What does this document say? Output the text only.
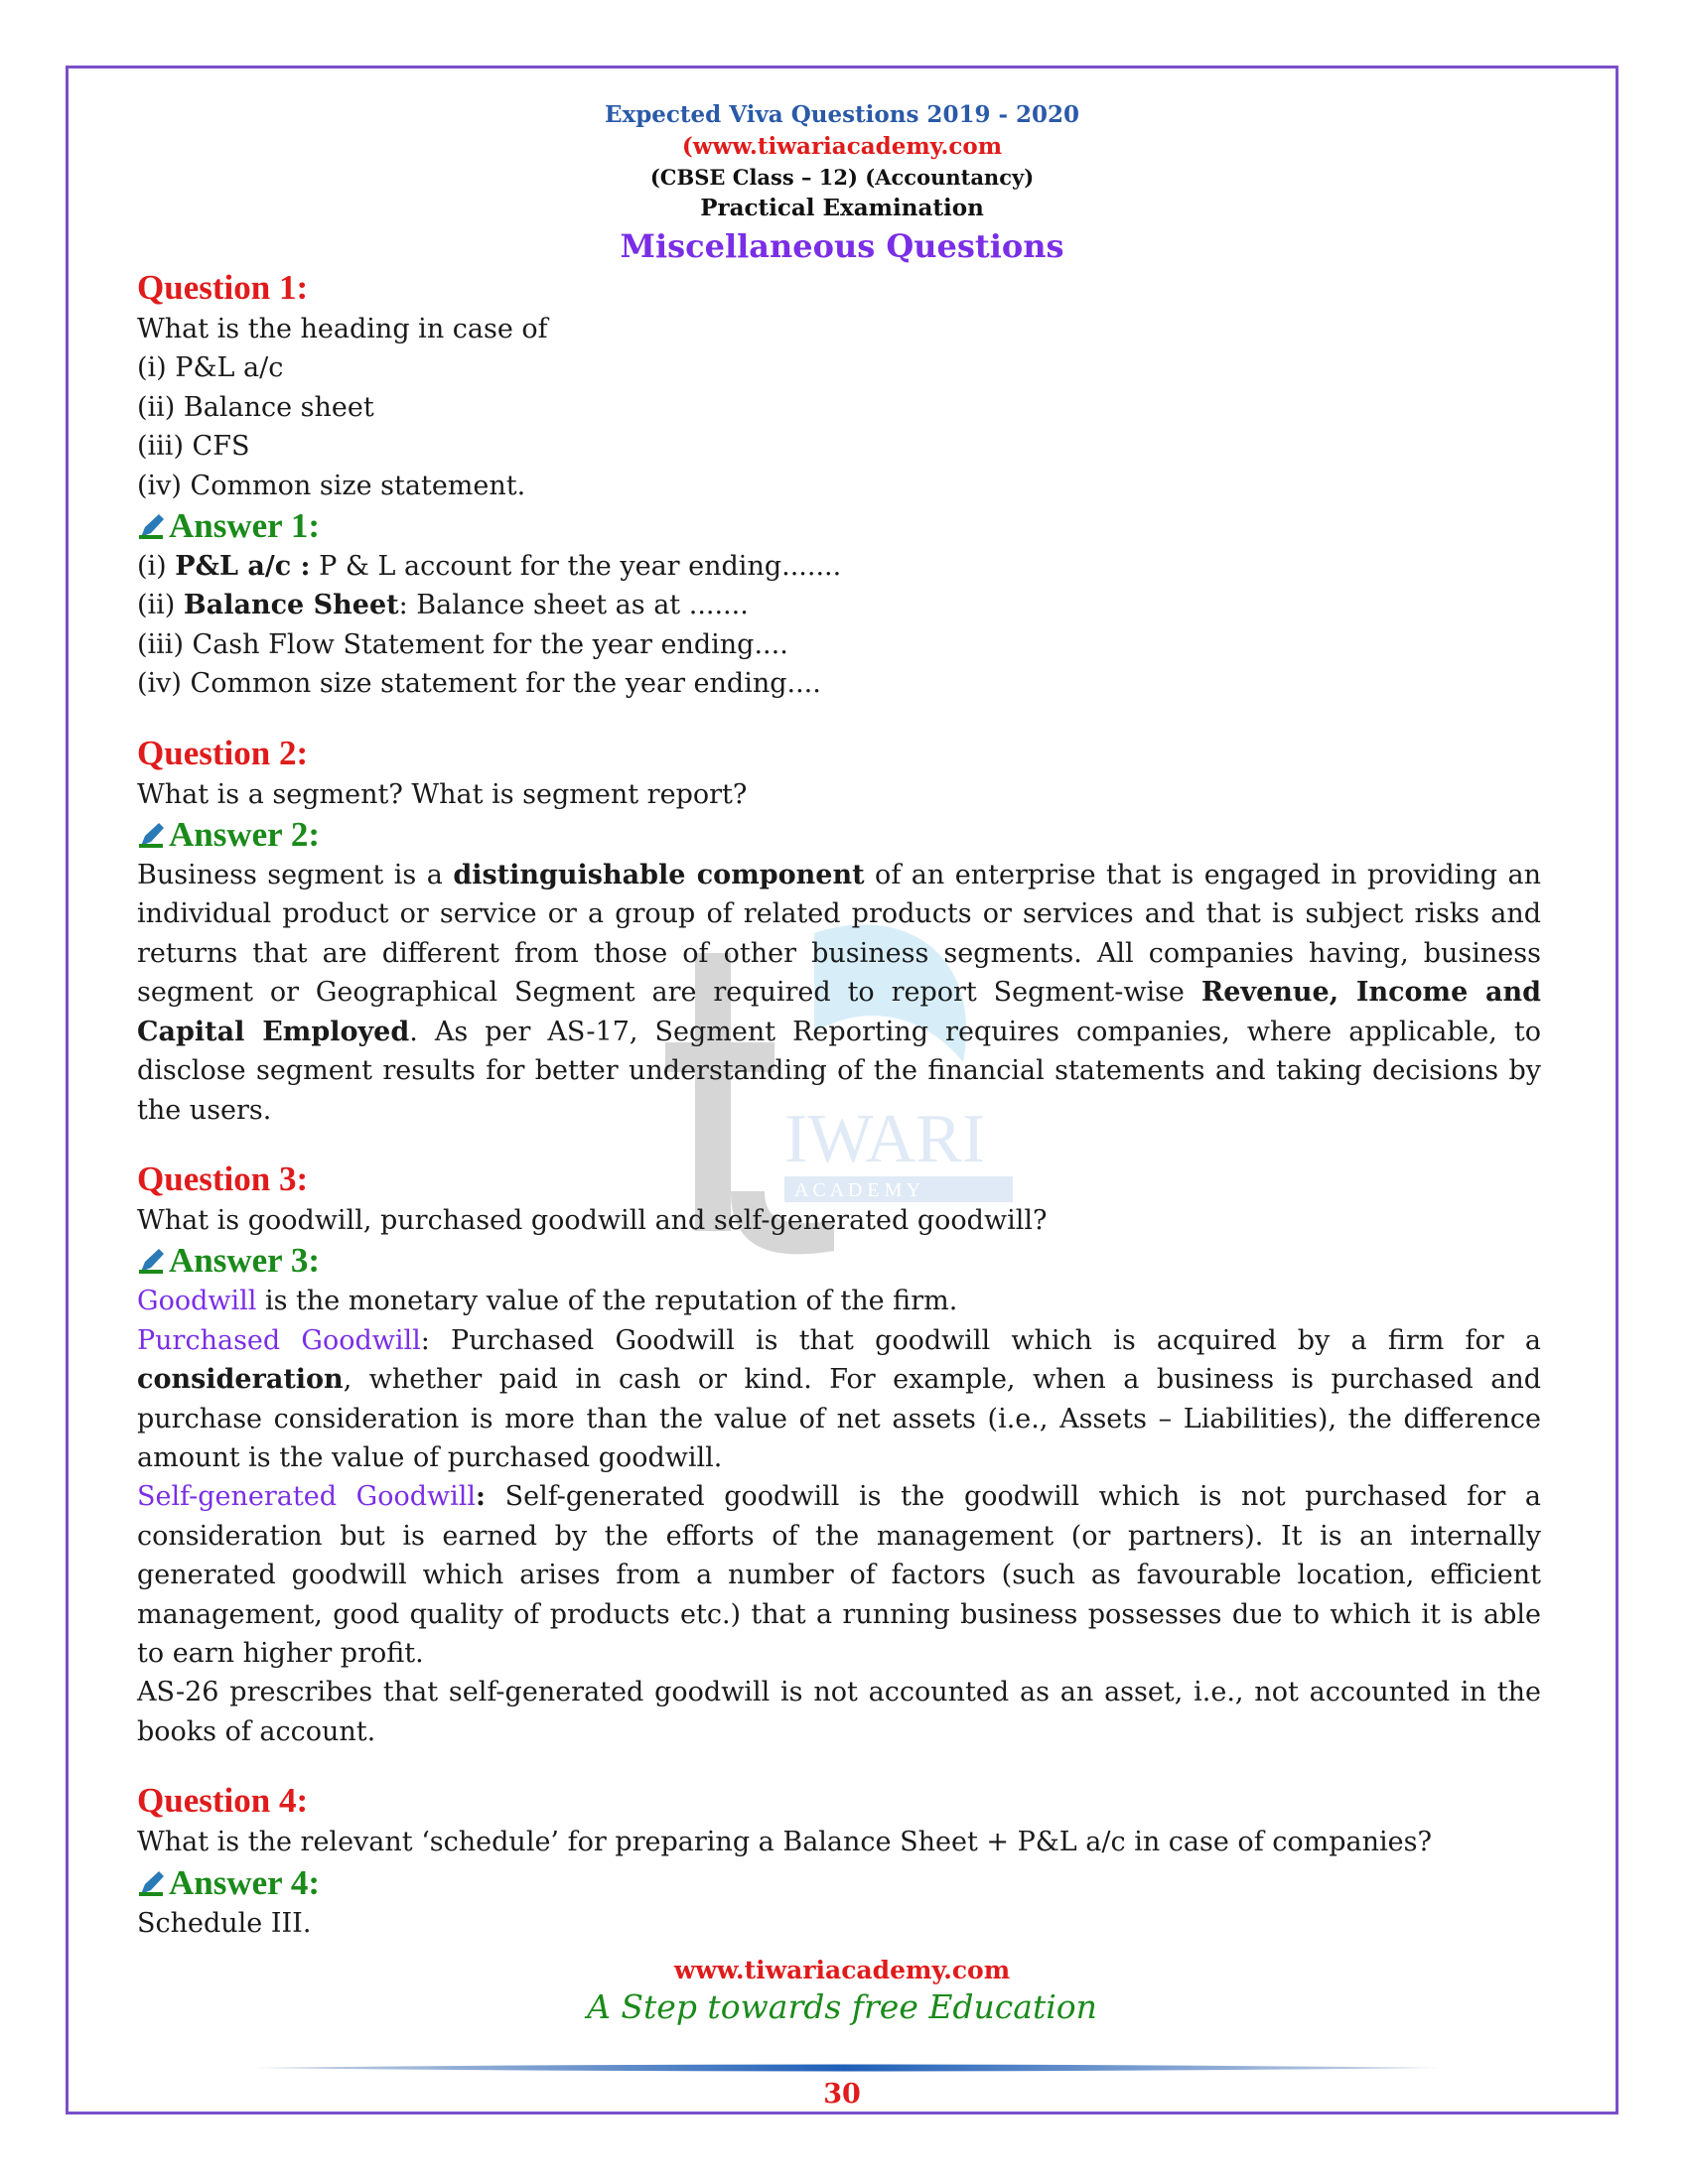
IWARI
A C A D E M Y
Expected Viva Questions 2019 - 2020
(www.tiwariacademy.com
(CBSE Class – 12) (Accountancy)
Practical Examination
Miscellaneous Questions
Question 1:

What is the heading in case of

(i) P&L a/c

(ii) Balance sheet

(iii) CFS

(iv) Common size statement.

Answer 1:

(i) P&L a/c : P & L account for the year ending.......

(ii) Balance Sheet: Balance sheet as at .......

(iii) Cash Flow Statement for the year ending....

(iv) Common size statement for the year ending....

Question 2:

What is a segment? What is segment report?

Answer 2:

Business segment is a distinguishable component of an enterprise that is engaged in providing an individual product or service or a group of related products or services and that is subject risks and returns that are different from those of other business segments. All companies having, business segment or Geographical Segment are required to report Segment-wise Revenue, Income and Capital Employed. As per AS-17, Segment Reporting requires companies, where applicable, to disclose segment results for better understanding of the financial statements and taking decisions by the users.

Question 3:

What is goodwill, purchased goodwill and self-generated goodwill?

Answer 3:

Goodwill is the monetary value of the reputation of the firm.

Purchased Goodwill: Purchased Goodwill is that goodwill which is acquired by a firm for a consideration, whether paid in cash or kind. For example, when a business is purchased and purchase consideration is more than the value of net assets (i.e., Assets – Liabilities), the difference amount is the value of purchased goodwill.

Self-generated Goodwill: Self-generated goodwill is the goodwill which is not purchased for a consideration but is earned by the efforts of the management (or partners). It is an internally generated goodwill which arises from a number of factors (such as favourable location, efficient management, good quality of products etc.) that a running business possesses due to which it is able to earn higher profit.

AS-26 prescribes that self-generated goodwill is not accounted as an asset, i.e., not accounted in the books of account.

Question 4:

What is the relevant ‘schedule’ for preparing a Balance Sheet + P&L a/c in case of companies?

Answer 4:

Schedule III.

www.tiwariacademy.com
A Step towards free Education
30
